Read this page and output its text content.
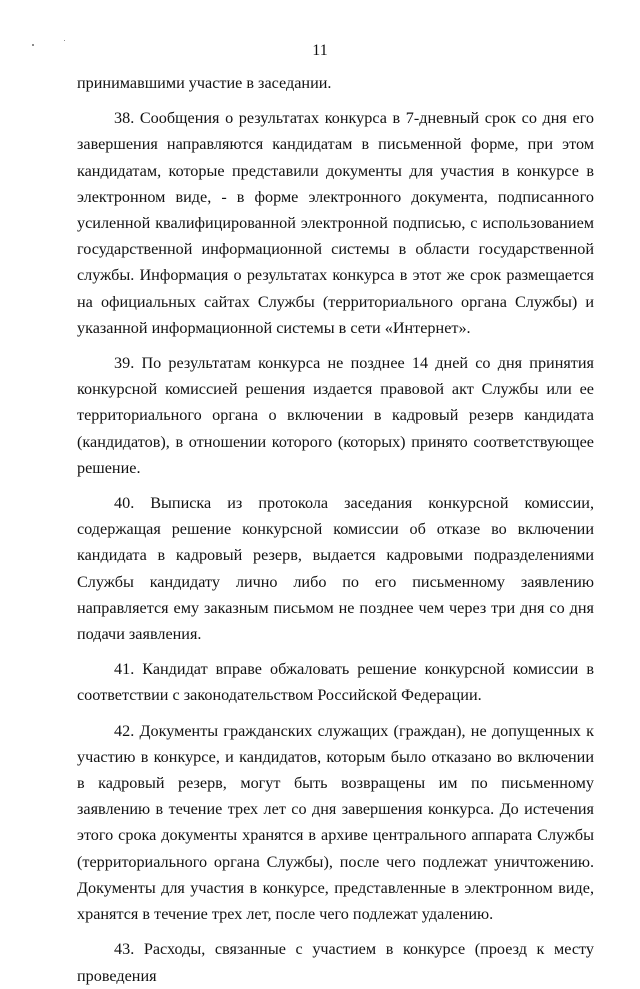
11

принимавшими участие в заседании.

38. Сообщения о результатах конкурса в 7-дневный срок со дня его завершения направляются кандидатам в письменной форме, при этом кандидатам, которые представили документы для участия в конкурсе в электронном виде, - в форме электронного документа, подписанного усиленной квалифицированной электронной подписью, с использованием государственной информационной системы в области государственной службы. Информация о результатах конкурса в этот же срок размещается на официальных сайтах Службы (территориального органа Службы) и указанной информационной системы в сети «Интернет».

39. По результатам конкурса не позднее 14 дней со дня принятия конкурсной комиссией решения издается правовой акт Службы или ее территориального органа о включении в кадровый резерв кандидата (кандидатов), в отношении которого (которых) принято соответствующее решение.

40. Выписка из протокола заседания конкурсной комиссии, содержащая решение конкурсной комиссии об отказе во включении кандидата в кадровый резерв, выдается кадровыми подразделениями Службы кандидату лично либо по его письменному заявлению направляется ему заказным письмом не позднее чем через три дня со дня подачи заявления.

41. Кандидат вправе обжаловать решение конкурсной комиссии в соответствии с законодательством Российской Федерации.

42. Документы гражданских служащих (граждан), не допущенных к участию в конкурсе, и кандидатов, которым было отказано во включении в кадровый резерв, могут быть возвращены им по письменному заявлению в течение трех лет со дня завершения конкурса. До истечения этого срока документы хранятся в архиве центрального аппарата Службы (территориального органа Службы), после чего подлежат уничтожению. Документы для участия в конкурсе, представленные в электронном виде, хранятся в течение трех лет, после чего подлежат удалению.

43. Расходы, связанные с участием в конкурсе (проезд к месту проведения
